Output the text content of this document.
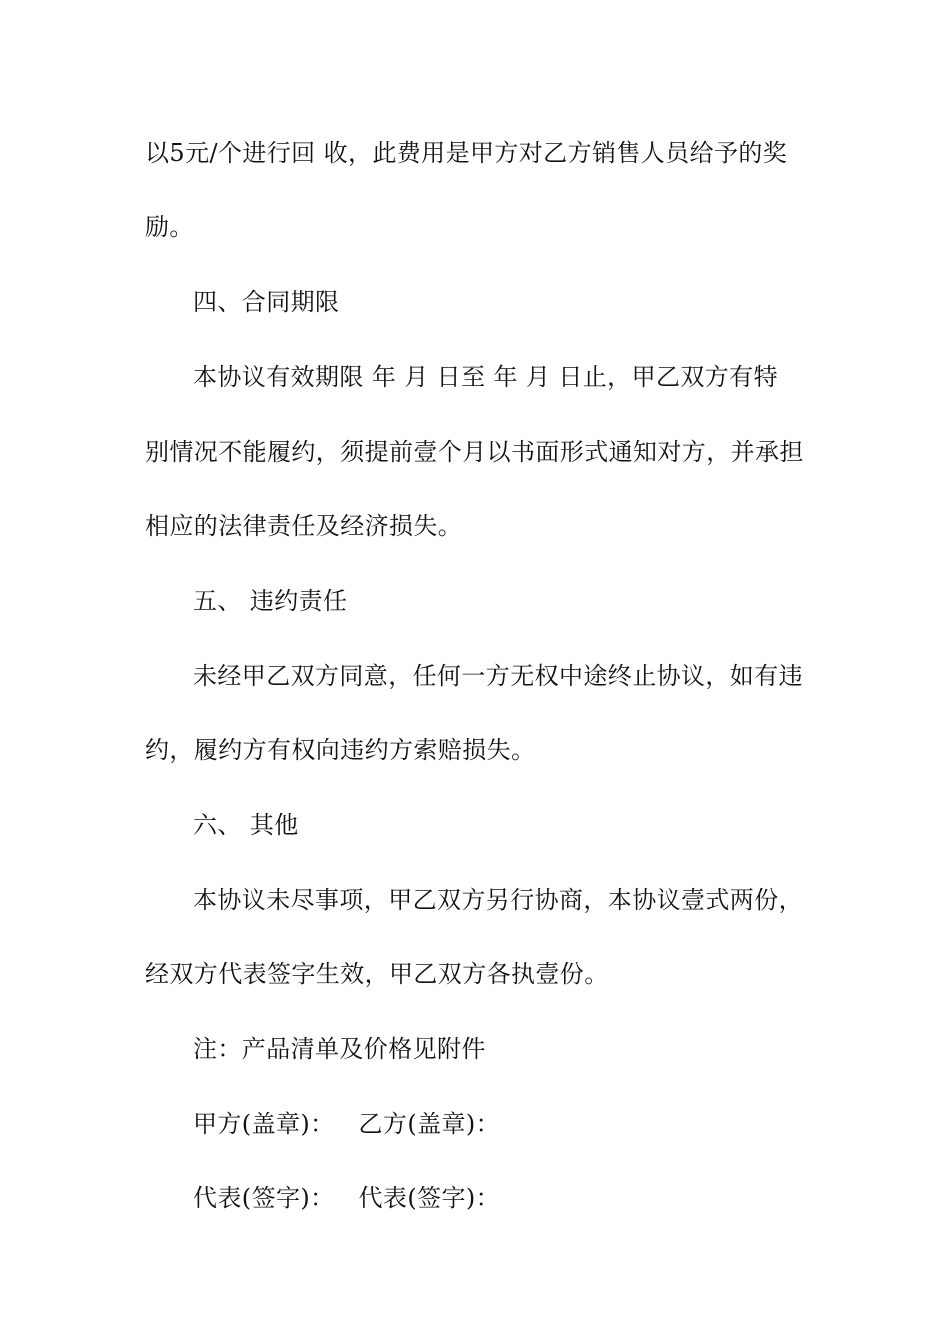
以5元/个进行回 收，此费用是甲方对乙方销售人员给予的奖
励。
四、合同期限
本协议有效期限 年 月 日至 年 月 日止，甲乙双方有特
别情况不能履约，须提前壹个月以书面形式通知对方，并承担
相应的法律责任及经济损失。
五、 违约责任
未经甲乙双方同意，任何一方无权中途终止协议，如有违
约，履约方有权向违约方索赔损失。
六、 其他
本协议未尽事项，甲乙双方另行协商，本协议壹式两份，
经双方代表签字生效，甲乙双方各执壹份。
注：产品清单及价格见附件
甲方(盖章)： 乙方(盖章)：
代表(签字)： 代表(签字)：
